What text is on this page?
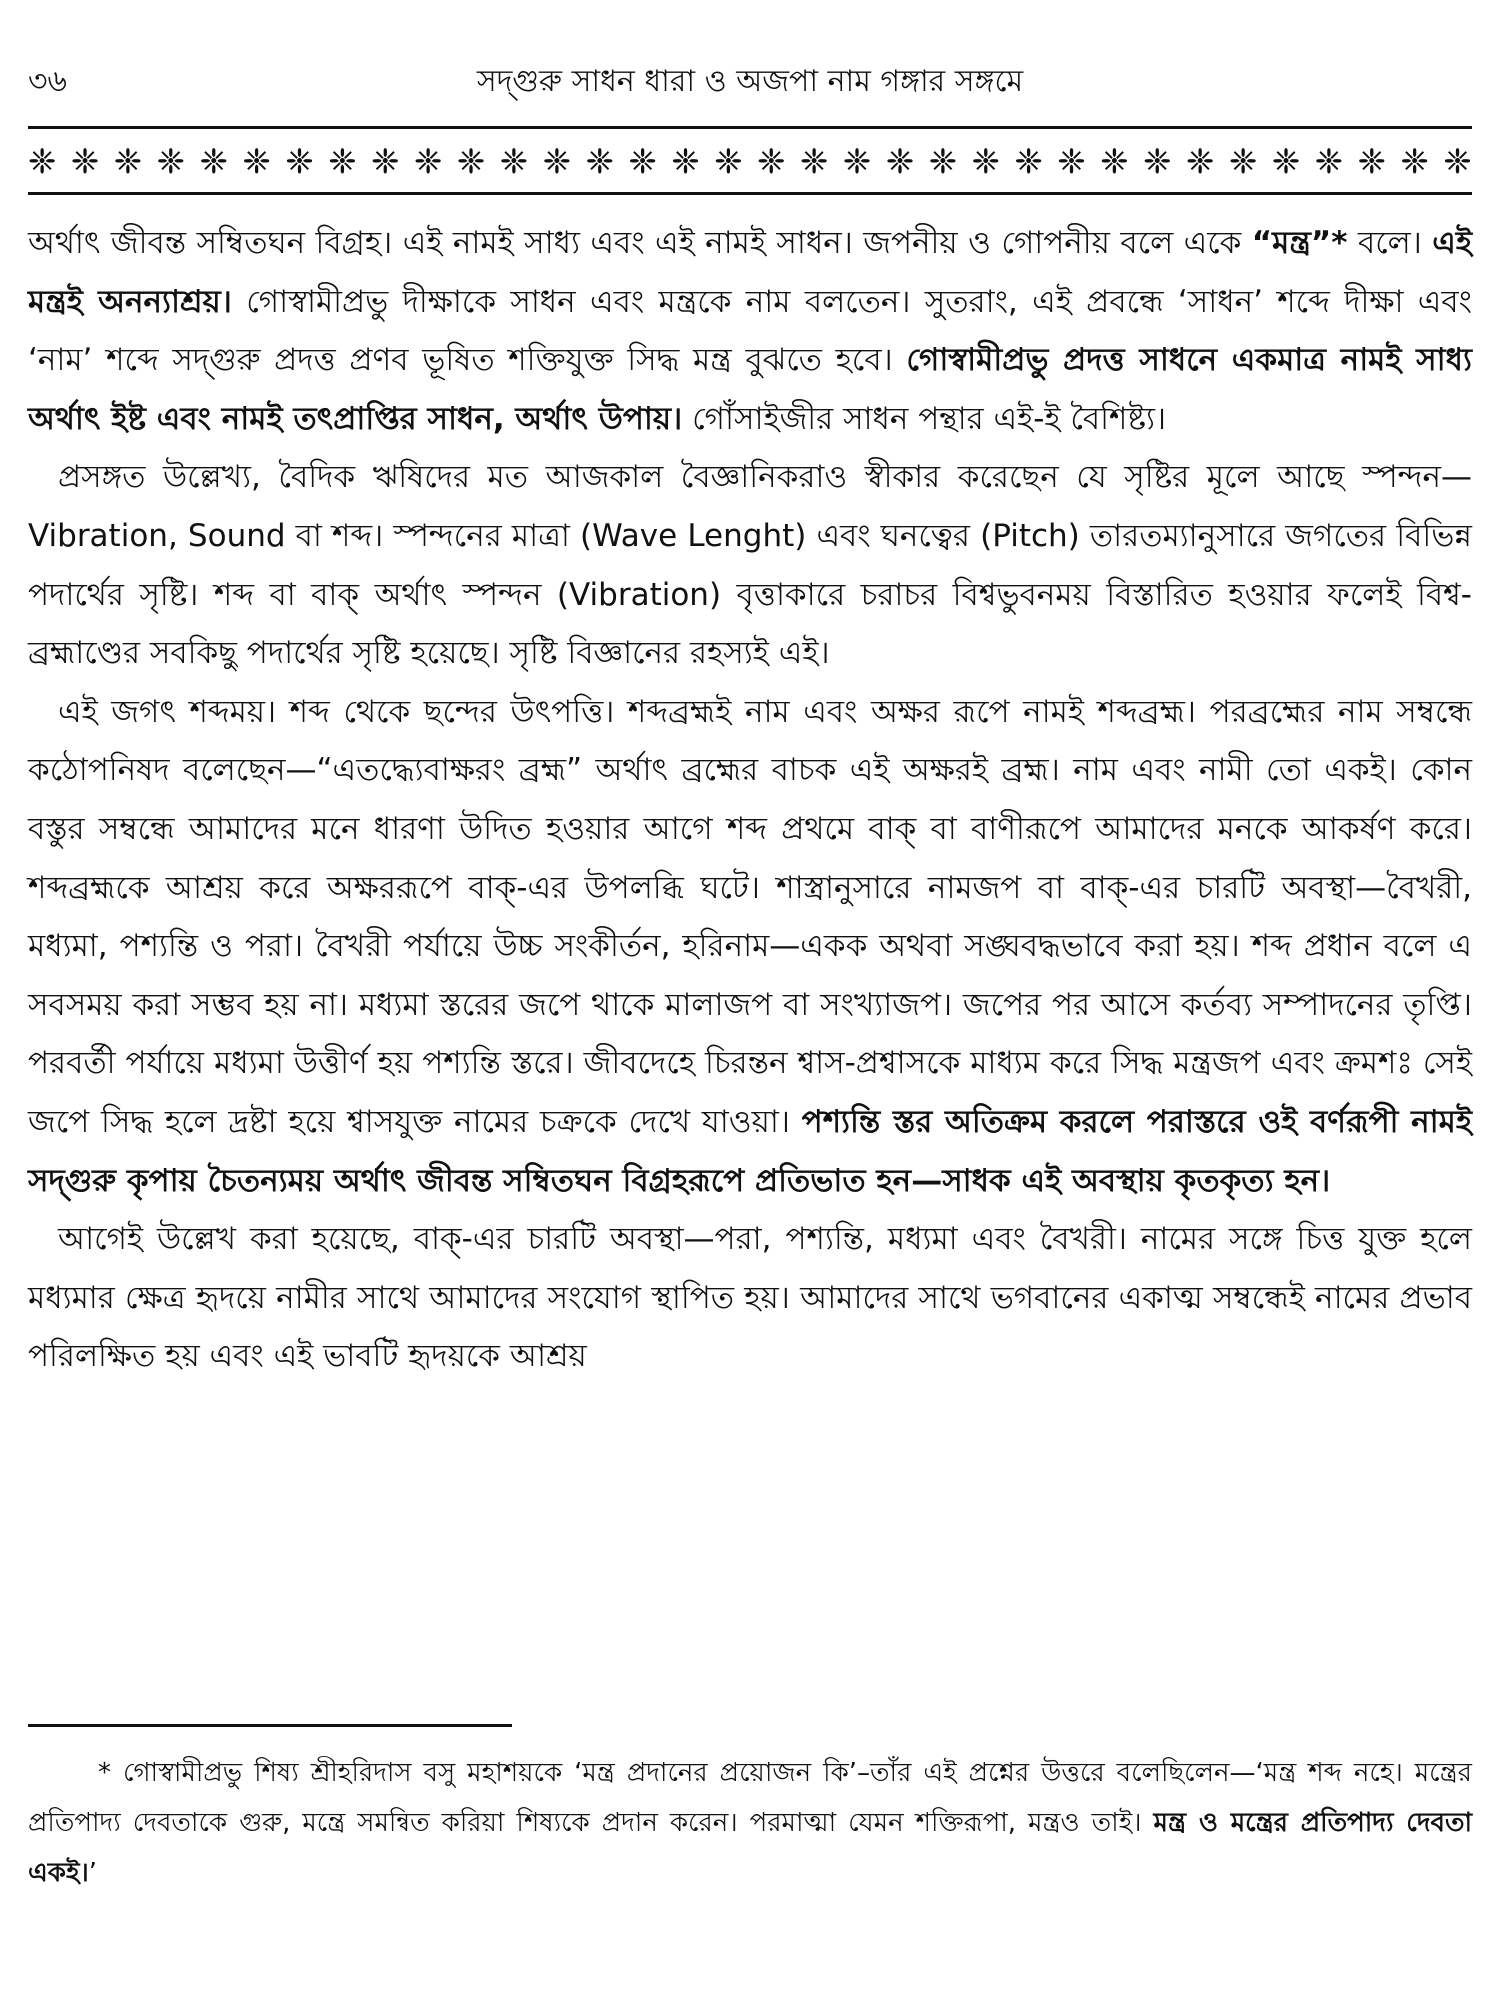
৩৬	সদ্‌গুরু সাধন ধারা ও অজপা নাম গঙ্গার সঙ্গমে
❈ ❈ ❈ ❈ ❈ ❈ ❈ ❈ ❈ ❈ ❈ ❈ ❈ ❈ ❈ ❈ ❈ ❈ ❈ ❈ ❈ ❈ ❈ ❈ ❈ ❈ ❈ ❈ ❈ ❈ ❈ ❈ ❈ ❈

অর্থাৎ জীবন্ত সম্বিতঘন বিগ্রহ। এই নামই সাধ্য এবং এই নামই সাধন। জপনীয় ও গোপনীয় বলে একে “মন্ত্র”* বলে। এই মন্ত্রই অনন্যাশ্রয়। গোস্বামীপ্রভু দীক্ষাকে সাধন এবং মন্ত্রকে নাম বলতেন। সুতরাং, এই প্রবন্ধে ‘সাধন’ শব্দে দীক্ষা এবং ‘নাম’ শব্দে সদ্‌গুরু প্রদত্ত প্রণব ভূষিত শক্তিযুক্ত সিদ্ধ মন্ত্র বুঝতে হবে। গোস্বামীপ্রভু প্রদত্ত সাধনে একমাত্র নামই সাধ্য অর্থাৎ ইষ্ট এবং নামই তৎপ্রাপ্তির সাধন, অর্থাৎ উপায়। গোঁসাইজীর সাধন পন্থার এই-ই বৈশিষ্ট্য।

প্রসঙ্গত উল্লেখ্য, বৈদিক ঋষিদের মত আজকাল বৈজ্ঞানিকরাও স্বীকার করেছেন যে সৃষ্টির মূলে আছে স্পন্দন—Vibration, Sound বা শব্দ। স্পন্দনের মাত্রা (Wave Lenght) এবং ঘনত্বের (Pitch) তারতম্যানুসারে জগতের বিভিন্ন পদার্থের সৃষ্টি। শব্দ বা বাক্‌ অর্থাৎ স্পন্দন (Vibration) বৃত্তাকারে চরাচর বিশ্বভুবনময় বিস্তারিত হওয়ার ফলেই বিশ্ব-ব্রহ্মাণ্ডের সবকিছু পদার্থের সৃষ্টি হয়েছে। সৃষ্টি বিজ্ঞানের রহস্যই এই।

এই জগৎ শব্দময়। শব্দ থেকে ছন্দের উৎপত্তি। শব্দব্রহ্মই নাম এবং অক্ষর রূপে নামই শব্দব্রহ্ম। পরব্রহ্মের নাম সম্বন্ধে কঠোপনিষদ বলেছেন—“এতদ্ধ্যেবাক্ষরং ব্রহ্ম” অর্থাৎ ব্রহ্মের বাচক এই অক্ষরই ব্রহ্ম। নাম এবং নামী তো একই। কোন বস্তুর সম্বন্ধে আমাদের মনে ধারণা উদিত হওয়ার আগে শব্দ প্রথমে বাক্‌ বা বাণীরূপে আমাদের মনকে আকর্ষণ করে। শব্দব্রহ্মকে আশ্রয় করে অক্ষররূপে বাক্‌-এর উপলব্ধি ঘটে। শাস্ত্রানুসারে নামজপ বা বাক্‌-এর চারটি অবস্থা—বৈখরী, মধ্যমা, পশ্যন্তি ও পরা। বৈখরী পর্যায়ে উচ্চ সংকীর্তন, হরিনাম—একক অথবা সঙ্ঘবদ্ধভাবে করা হয়। শব্দ প্রধান বলে এ সবসময় করা সম্ভব হয় না। মধ্যমা স্তরের জপে থাকে মালাজপ বা সংখ্যাজপ। জপের পর আসে কর্তব্য সম্পাদনের তৃপ্তি। পরবর্তী পর্যায়ে মধ্যমা উত্তীর্ণ হয় পশ্যন্তি স্তরে। জীবদেহে চিরন্তন শ্বাস-প্রশ্বাসকে মাধ্যম করে সিদ্ধ মন্ত্রজপ এবং ক্রমশঃ সেই জপে সিদ্ধ হলে দ্রষ্টা হয়ে শ্বাসযুক্ত নামের চক্রকে দেখে যাওয়া। পশ্যন্তি স্তর অতিক্রম করলে পরাস্তরে ওই বর্ণরূপী নামই সদ্‌গুরু কৃপায় চৈতন্যময় অর্থাৎ জীবন্ত সম্বিতঘন বিগ্রহরূপে প্রতিভাত হন—সাধক এই অবস্থায় কৃতকৃত্য হন।

আগেই উল্লেখ করা হয়েছে, বাক্‌-এর চারটি অবস্থা—পরা, পশ্যন্তি, মধ্যমা এবং বৈখরী। নামের সঙ্গে চিত্ত যুক্ত হলে মধ্যমার ক্ষেত্র হৃদয়ে নামীর সাথে আমাদের সংযোগ স্থাপিত হয়। আমাদের সাথে ভগবানের একাত্ম সম্বন্ধেই নামের প্রভাব পরিলক্ষিত হয় এবং এই ভাবটি হৃদয়কে আশ্রয়

* গোস্বামীপ্রভু শিষ্য শ্রীহরিদাস বসু মহাশয়কে ‘মন্ত্র প্রদানের প্রয়োজন কি’–তাঁর এই প্রশ্নের উত্তরে বলেছিলেন—‘মন্ত্র শব্দ নহে। মন্ত্রের প্রতিপাদ্য দেবতাকে গুরু, মন্ত্রে সমন্বিত করিয়া শিষ্যকে প্রদান করেন। পরমাত্মা যেমন শক্তিরূপা, মন্ত্রও তাই। মন্ত্র ও মন্ত্রের প্রতিপাদ্য দেবতা একই।’
